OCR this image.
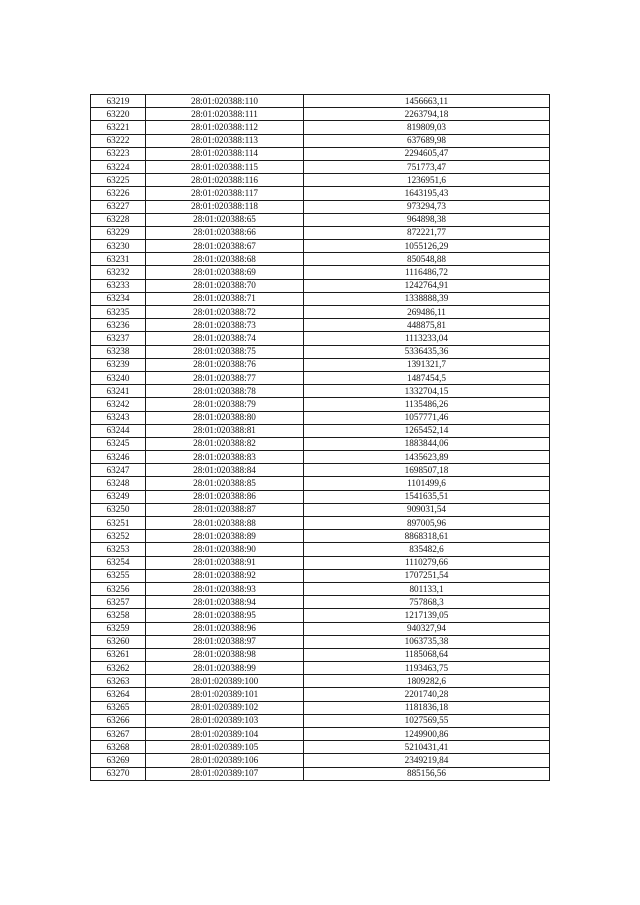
63219	28:01:020388:110	1456663,11
63220	28:01:020388:111	2263794,18
63221	28:01:020388:112	819809,03
63222	28:01:020388:113	637689,98
63223	28:01:020388:114	2294605,47
63224	28:01:020388:115	751773,47
63225	28:01:020388:116	1236951,6
63226	28:01:020388:117	1643195,43
63227	28:01:020388:118	973294,73
63228	28:01:020388:65	964898,38
63229	28:01:020388:66	872221,77
63230	28:01:020388:67	1055126,29
63231	28:01:020388:68	850548,88
63232	28:01:020388:69	1116486,72
63233	28:01:020388:70	1242764,91
63234	28:01:020388:71	1338888,39
63235	28:01:020388:72	269486,11
63236	28:01:020388:73	448875,81
63237	28:01:020388:74	1113233,04
63238	28:01:020388:75	5336435,36
63239	28:01:020388:76	1391321,7
63240	28:01:020388:77	1487454,5
63241	28:01:020388:78	1332704,15
63242	28:01:020388:79	1135486,26
63243	28:01:020388:80	1057771,46
63244	28:01:020388:81	1265452,14
63245	28:01:020388:82	1883844,06
63246	28:01:020388:83	1435623,89
63247	28:01:020388:84	1698507,18
63248	28:01:020388:85	1101499,6
63249	28:01:020388:86	1541635,51
63250	28:01:020388:87	909031,54
63251	28:01:020388:88	897005,96
63252	28:01:020388:89	8868318,61
63253	28:01:020388:90	835482,6
63254	28:01:020388:91	1110279,66
63255	28:01:020388:92	1707251,54
63256	28:01:020388:93	801133,1
63257	28:01:020388:94	757868,3
63258	28:01:020388:95	1217139,05
63259	28:01:020388:96	940327,94
63260	28:01:020388:97	1063735,38
63261	28:01:020388:98	1185068,64
63262	28:01:020388:99	1193463,75
63263	28:01:020389:100	1809282,6
63264	28:01:020389:101	2201740,28
63265	28:01:020389:102	1181836,18
63266	28:01:020389:103	1027569,55
63267	28:01:020389:104	1249900,86
63268	28:01:020389:105	5210431,41
63269	28:01:020389:106	2349219,84
63270	28:01:020389:107	885156,56
